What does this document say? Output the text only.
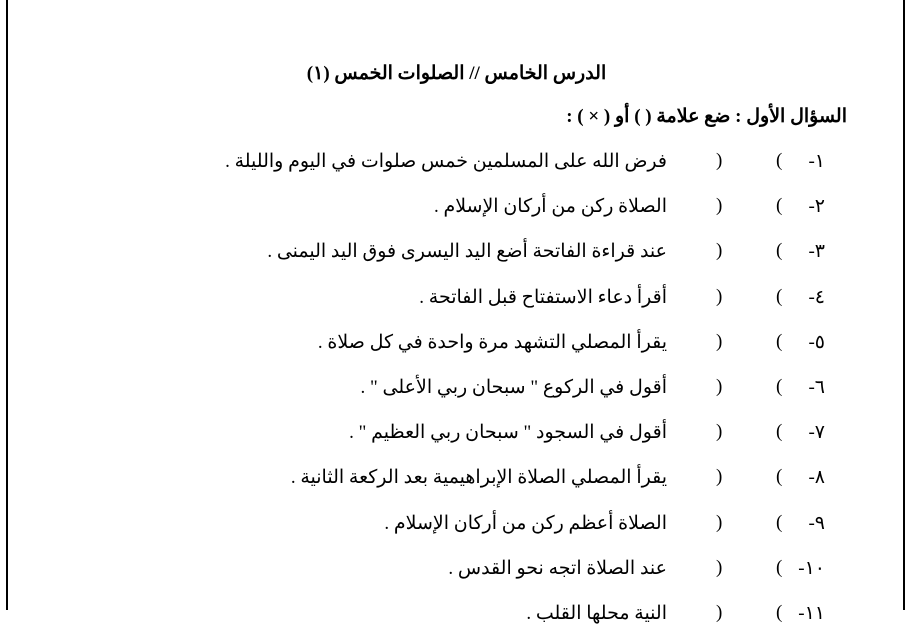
الدرس الخامس // الصلوات الخمس (١)
السؤال الأول : ضع علامة ( ) أو ( × ) :
١-
(
)
فرض الله على المسلمين خمس صلوات في اليوم والليلة .
٢-
(
)
الصلاة ركن من أركان الإسلام .
٣-
(
)
عند قراءة الفاتحة أضع اليد اليسرى فوق اليد اليمنى .
٤-
(
)
أقرأ دعاء الاستفتاح قبل الفاتحة .
٥-
(
)
يقرأ المصلي التشهد مرة واحدة في كل صلاة .
٦-
(
)
أقول في الركوع " سبحان ربي الأعلى " .
٧-
(
)
أقول في السجود " سبحان ربي العظيم " .
٨-
(
)
يقرأ المصلي الصلاة الإبراهيمية بعد الركعة الثانية .
٩-
(
)
الصلاة أعظم ركن من أركان الإسلام .
١٠-
(
)
عند الصلاة اتجه نحو القدس .
١١-
(
)
النية محلها القلب .
